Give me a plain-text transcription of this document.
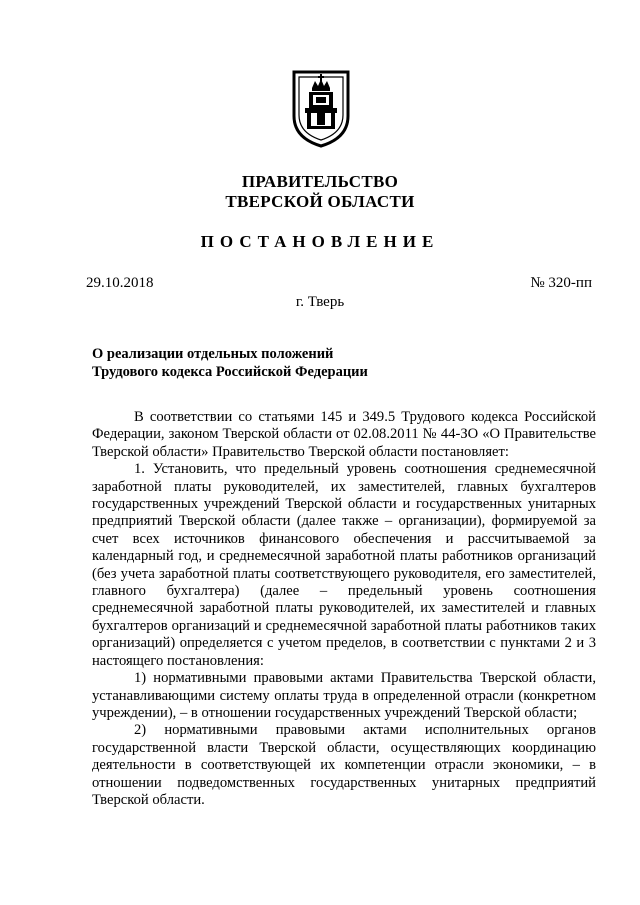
ПРАВИТЕЛЬСТВО
ТВЕРСКОЙ ОБЛАСТИ
ПОСТАНОВЛЕНИЕ
29.10.2018	№ 320-пп
г. Тверь
О реализации отдельных положений
Трудового кодекса Российской Федерации

В соответствии со статьями 145 и 349.5 Трудового кодекса Российской Федерации, законом Тверской области от 02.08.2011 № 44-ЗО «О Правительстве Тверской области» Правительство Тверской области постановляет:

1. Установить, что предельный уровень соотношения среднемесячной заработной платы руководителей, их заместителей, главных бухгалтеров государственных учреждений Тверской области и государственных унитарных предприятий Тверской области (далее также – организации), формируемой за счет всех источников финансового обеспечения и рассчитываемой за календарный год, и среднемесячной заработной платы работников организаций (без учета заработной платы соответствующего руководителя, его заместителей, главного бухгалтера) (далее – предельный уровень соотношения среднемесячной заработной платы руководителей, их заместителей и главных бухгалтеров организаций и среднемесячной заработной платы работников таких организаций) определяется с учетом пределов, в соответствии с пунктами 2 и 3 настоящего постановления:

1) нормативными правовыми актами Правительства Тверской области, устанавливающими систему оплаты труда в определенной отрасли (конкретном учреждении), – в отношении государственных учреждений Тверской области;

2) нормативными правовыми актами исполнительных органов государственной власти Тверской области, осуществляющих координацию деятельности в соответствующей их компетенции отрасли экономики, – в отношении подведомственных государственных унитарных предприятий Тверской области.
